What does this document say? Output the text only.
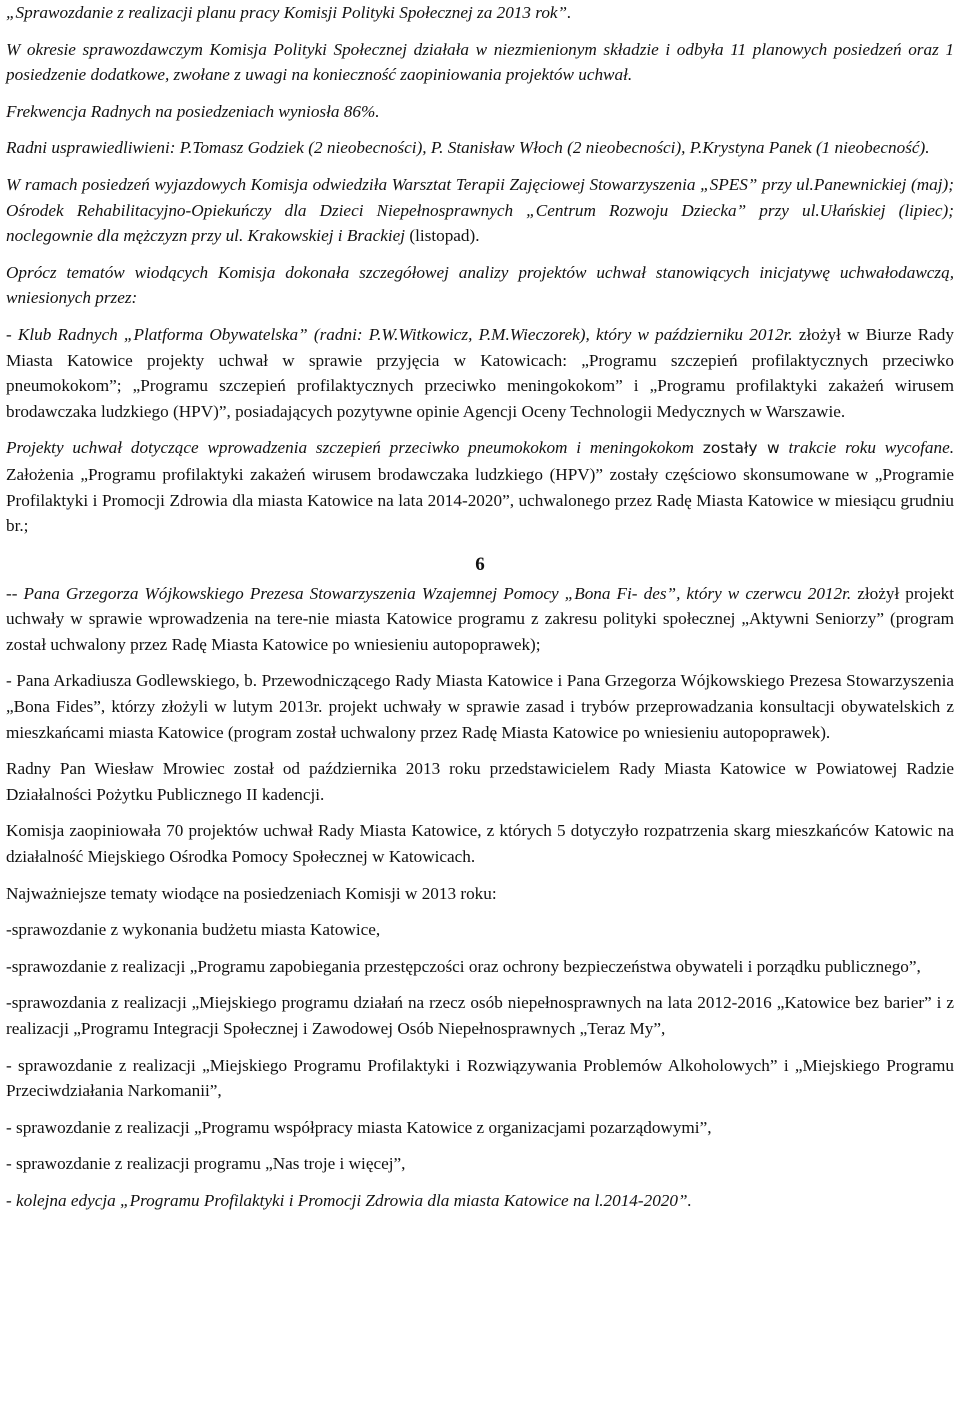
„Sprawozdanie z realizacji planu pracy Komisji Polityki Społecznej za 2013 rok”.

W okresie sprawozdawczym Komisja Polityki Społecznej działała w niezmienionym składzie i odbyła 11 planowych posiedzeń oraz 1 posiedzenie dodatkowe, zwołane z uwagi na konieczność zaopiniowania projektów uchwał.

Frekwencja Radnych na posiedzeniach wyniosła 86%.

Radni usprawiedliwieni: P.Tomasz Godziek (2 nieobecności), P. Stanisław Włoch (2 nieobecności), P.Krystyna Panek (1 nieobecność).

W ramach posiedzeń wyjazdowych Komisja odwiedziła Warsztat Terapii Zajęciowej Stowarzyszenia „SPES” przy ul.Panewnickiej (maj); Ośrodek Rehabilitacyjno-Opiekuńczy dla Dzieci Niepełnosprawnych „Centrum Rozwoju Dziecka” przy ul.Ułańskiej (lipiec); noclegownie dla mężczyzn przy ul. Krakowskiej i Brackiej (listopad).

Oprócz tematów wiodących Komisja dokonała szczegółowej analizy projektów uchwał stanowiących inicjatywę uchwałodawczą, wniesionych przez:

- Klub Radnych „Platforma Obywatelska” (radni: P.W.Witkowicz, P.M.Wieczorek), który w październiku 2012r. złożył w Biurze Rady Miasta Katowice projekty uchwał w sprawie przyjęcia w Katowicach: „Programu szczepień profilaktycznych przeciwko pneumokokom”; „Programu szczepień profilaktycznych przeciwko meningokokom” i „Programu profilaktyki zakażeń wirusem brodawczaka ludzkiego (HPV)”, posiadających pozytywne opinie Agencji Oceny Technologii Medycznych w Warszawie.

Projekty uchwał dotyczące wprowadzenia szczepień przeciwko pneumokokom i meningokokom zostały w trakcie roku wycofane. Założenia „Programu profilaktyki zakażeń wirusem brodawczaka ludzkiego (HPV)” zostały częściowo skonsumowane w „Programie Profilaktyki i Promocji Zdrowia dla miasta Katowice na lata 2014-2020”, uchwalonego przez Radę Miasta Katowice w miesiącu grudniu br.;

6

-- Pana Grzegorza Wójkowskiego Prezesa Stowarzyszenia Wzajemnej Pomocy „Bona Fi- des”, który w czerwcu 2012r. złożył projekt uchwały w sprawie wprowadzenia na tere-nie miasta Katowice programu z zakresu polityki społecznej „Aktywni Seniorzy” (program został uchwalony przez Radę Miasta Katowice po wniesieniu autopoprawek);

- Pana Arkadiusza Godlewskiego, b. Przewodniczącego Rady Miasta Katowice i Pana Grzegorza Wójkowskiego Prezesa Stowarzyszenia „Bona Fides”, którzy złożyli w lutym 2013r. projekt uchwały w sprawie zasad i trybów przeprowadzania konsultacji obywatelskich z mieszkańcami miasta Katowice (program został uchwalony przez Radę Miasta Katowice po wniesieniu autopoprawek).

Radny Pan Wiesław Mrowiec został od października 2013 roku przedstawicielem Rady Miasta Katowice w Powiatowej Radzie Działalności Pożytku Publicznego II kadencji.

Komisja zaopiniowała 70 projektów uchwał Rady Miasta Katowice, z których 5 dotyczyło rozpatrzenia skarg mieszkańców Katowic na działalność Miejskiego Ośrodka Pomocy Społecznej w Katowicach.

Najważniejsze tematy wiodące na posiedzeniach Komisji w 2013 roku:

-sprawozdanie z wykonania budżetu miasta Katowice,

-sprawozdanie z realizacji „Programu zapobiegania przestępczości oraz ochrony bezpieczeństwa obywateli i porządku publicznego”,

-sprawozdania z realizacji „Miejskiego programu działań na rzecz osób niepełnosprawnych na lata 2012-2016 „Katowice bez barier” i z realizacji „Programu Integracji Społecznej i Zawodowej Osób Niepełnosprawnych „Teraz My”,

- sprawozdanie z realizacji „Miejskiego Programu Profilaktyki i Rozwiązywania Problemów Alkoholowych” i „Miejskiego Programu Przeciwdziałania Narkomanii”,

- sprawozdanie z realizacji „Programu współpracy miasta Katowice z organizacjami pozarządowymi”,

- sprawozdanie z realizacji programu „Nas troje i więcej”,

- kolejna edycja „Programu Profilaktyki i Promocji Zdrowia dla miasta Katowice na l.2014-2020”.
